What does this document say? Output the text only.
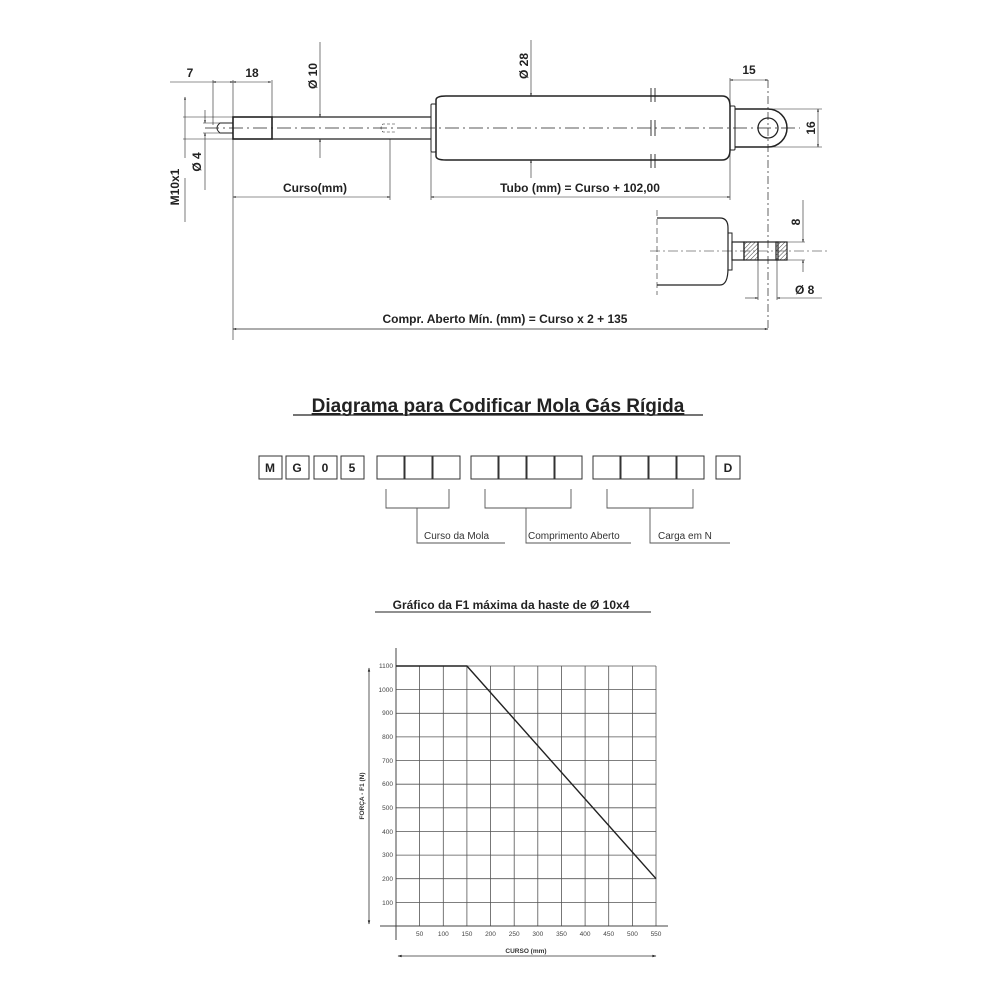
7	18	Ø 10	Ø 28	15
16
Ø 4
M10x1
8
Ø 8
Curso(mm)	Tubo (mm) = Curso + 102,00
Compr. Aberto Mín. (mm) = Curso x 2 + 135
Diagrama para Codificar Mola Gás Rígida
M G 0 5	D
Curso da Mola	Comprimento Aberto	Carga em N
Gráfico da F1 máxima da haste de Ø 10x4
1100
1000
900
800
700
600
500
400
300
200
100
50 100 150 200 250 300 350 400 450 500 550
FORÇA - F1 (N)
CURSO (mm)
